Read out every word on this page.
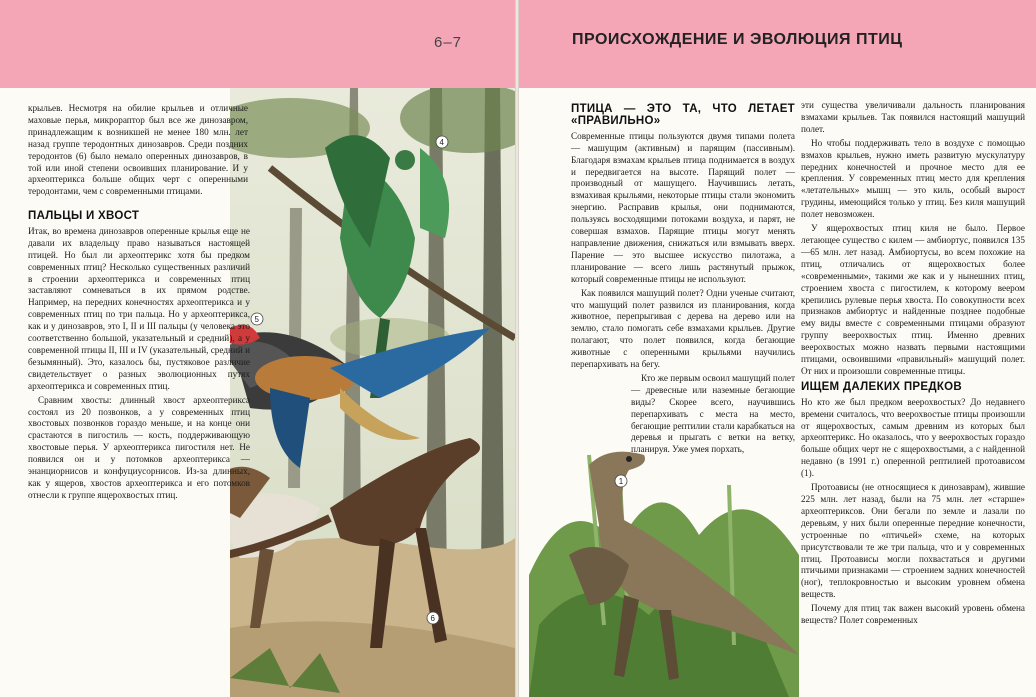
6–7
4
5
6

крыльев. Несмотря на обилие крыльев и отличные маховые перья, микрораптор был все же динозавром, принадлежащим к возникшей не менее 180 млн. лет назад группе теродонтных динозавров. Среди поздних теродонтов (6) было немало оперенных динозавров, в той или иной степени освоивших планирование. И у археоптерикса больше общих черт с оперенными теродонтами, чем с современными птицами.

ПАЛЬЦЫ И ХВОСТ

Итак, во времена динозавров оперенные крылья еще не давали их владельцу право называться настоящей птицей. Но был ли археоптерикс хотя бы предком современных птиц? Несколько существенных различий в строении археоптерикса и современных птиц заставляют сомневаться в их прямом родстве. Например, на передних конечностях археоптерикса и у современных птиц по три пальца. Но у археоптерикса, как и у динозавров, это I, II и III пальцы (у человека это соответственно большой, указательный и средний), а у современной птицы II, III и IV (указательный, средний и безымянный). Это, казалось бы, пустяковое различие свидетельствует о разных эволюционных путях археоптерикса и современных птиц.

Сравним хвосты: длинный хвост археоптерикса состоял из 20 позвонков, а у современных птиц хвостовых позвонков гораздо меньше, и на конце они срастаются в пигостиль — кость, поддерживающую хвостовые перья. У археоптерикса пигостиля нет. Не появился он и у потомков археоптерикса — энанциорнисов и конфуциусорнисов. Из-за длинных, как у ящеров, хвостов археоптерикса и его потомков отнесли к группе ящерохвостых птиц.

ПРОИСХОЖДЕНИЕ И ЭВОЛЮЦИЯ ПТИЦ
1
ПТИЦА — ЭТО ТА, ЧТО ЛЕТАЕТ «ПРАВИЛЬНО»

Современные птицы пользуются двумя типами полета — машущим (активным) и парящим (пассивным). Благодаря взмахам крыльев птица поднимается в воздух и передвигается на высоте. Парящий полет — производный от машущего. Научившись летать, взмахивая крыльями, некоторые птицы стали экономить энергию. Расправив крылья, они поднимаются, пользуясь восходящими потоками воздуха, и парят, не совершая взмахов. Парящие птицы могут менять направление движения, снижаться или взмывать вверх. Парение — это высшее искусство пилотажа, а планирование — всего лишь растянутый прыжок, который современные птицы не используют.

Как появился машущий полет? Одни ученые считают, что машущий полет развился из планирования, когда животное, перепрыгивая с дерева на дерево или на землю, стало помогать себе взмахами крыльев. Другие полагают, что полет появился, когда бегающие животные с оперенными крыльями научились перепархивать на бегу.

Кто же первым освоил машущий полет — древесные или наземные бегающие виды? Скорее всего, научившись перепархивать с места на место, бегающие рептилии стали карабкаться на деревья и прыгать с ветки на ветку, планируя. Уже умея порхать,

эти существа увеличивали дальность планирования взмахами крыльев. Так появился настоящий машущий полет.

Но чтобы поддерживать тело в воздухе с помощью взмахов крыльев, нужно иметь развитую мускулатуру передних конечностей и прочное место для ее крепления. У современных птиц место для крепления «летательных» мышц — это киль, особый вырост грудины, имеющийся только у птиц. Без киля машущий полет невозможен.

У ящерохвостых птиц киля не было. Первое летающее существо с килем — амбиортус, появился 135—65 млн. лет назад. Амбиортусы, во всем похожие на птиц, отличались от ящерохвостых более «современными», такими же как и у нынешних птиц, строением хвоста с пигостилем, к которому веером крепились рулевые перья хвоста. По совокупности всех признаков амбиортус и найденные позднее подобные ему виды вместе с современными птицами образуют группу веерохвостых птиц. Именно древних веерохвостых можно назвать первыми настоящими птицами, освоившими «правильный» машущий полет. От них и произошли современные птицы.

ИЩЕМ ДАЛЕКИХ ПРЕДКОВ

Но кто же был предком веерохвостых? До недавнего времени считалось, что веерохвостые птицы произошли от ящерохвостых, самым древним из которых был археоптерикс. Но оказалось, что у веерохвостых гораздо больше общих черт не с ящерохвостыми, а с найденной недавно (в 1991 г.) оперенной рептилией протоависом (1).

Протоависы (не относящиеся к динозаврам), жившие 225 млн. лет назад, были на 75 млн. лет «старше» археоптериксов. Они бегали по земле и лазали по деревьям, у них были оперенные передние конечности, устроенные по «птичьей» схеме, на которых присутствовали те же три пальца, что и у современных птиц. Протоависы могли похвастаться и другими птичьими признаками — строением задних конечностей (ног), теплокровностью и высоким уровнем обмена веществ.

Почему для птиц так важен высокий уровень обмена веществ? Полет современных
